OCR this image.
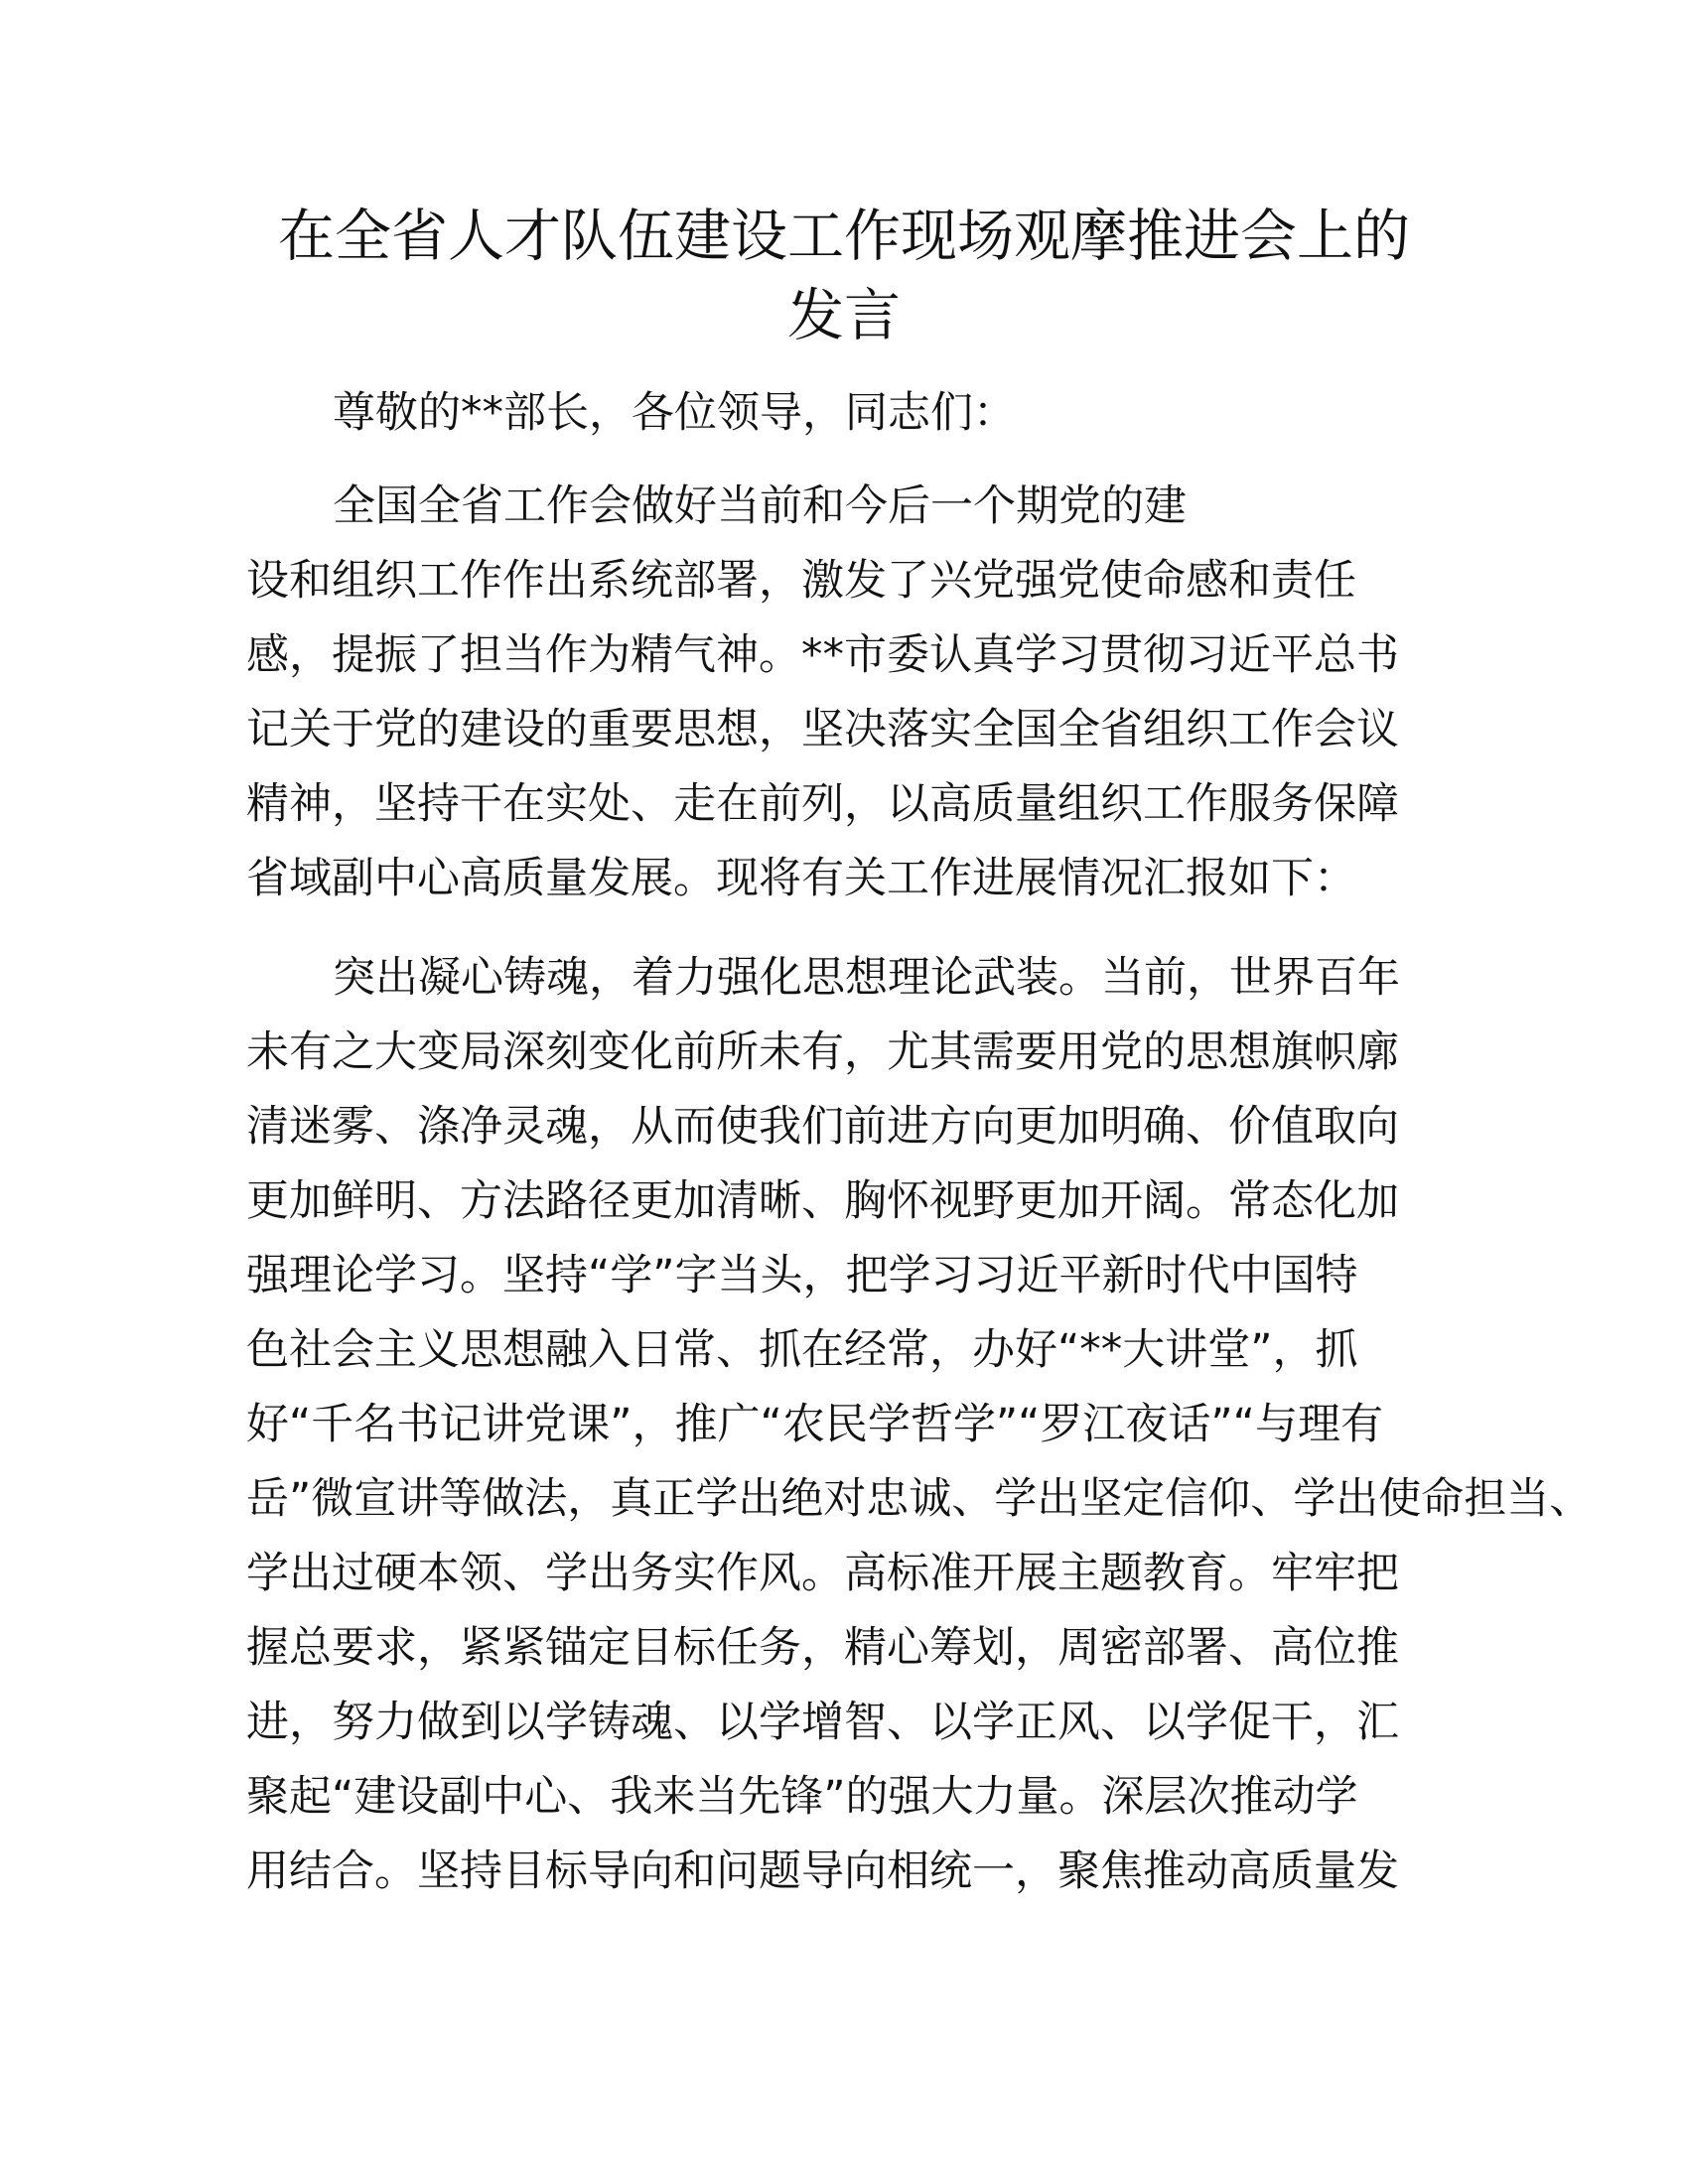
在全省人才队伍建设工作现场观摩推进会上的
发言
尊敬的**部长，各位领导，同志们：
全国全省工作会做好当前和今后一个期党的建
设和组织工作作出系统部署，激发了兴党强党使命感和责任
感，提振了担当作为精气神。**市委认真学习贯彻习近平总书
记关于党的建设的重要思想，坚决落实全国全省组织工作会议
精神，坚持干在实处、走在前列，以高质量组织工作服务保障
省域副中心高质量发展。现将有关工作进展情况汇报如下：
突出凝心铸魂，着力强化思想理论武装。当前，世界百年
未有之大变局深刻变化前所未有，尤其需要用党的思想旗帜廓
清迷雾、涤净灵魂，从而使我们前进方向更加明确、价值取向
更加鲜明、方法路径更加清晰、胸怀视野更加开阔。常态化加
强理论学习。坚持“学”字当头，把学习习近平新时代中国特
色社会主义思想融入日常、抓在经常，办好“**大讲堂”，抓
好“千名书记讲党课”，推广“农民学哲学”“罗江夜话”“与理有
岳”微宣讲等做法，真正学出绝对忠诚、学出坚定信仰、学出使命担当、
学出过硬本领、学出务实作风。高标准开展主题教育。牢牢把
握总要求，紧紧锚定目标任务，精心筹划，周密部署、高位推
进，努力做到以学铸魂、以学增智、以学正风、以学促干，汇
聚起“建设副中心、我来当先锋”的强大力量。深层次推动学
用结合。坚持目标导向和问题导向相统一，聚焦推动高质量发
